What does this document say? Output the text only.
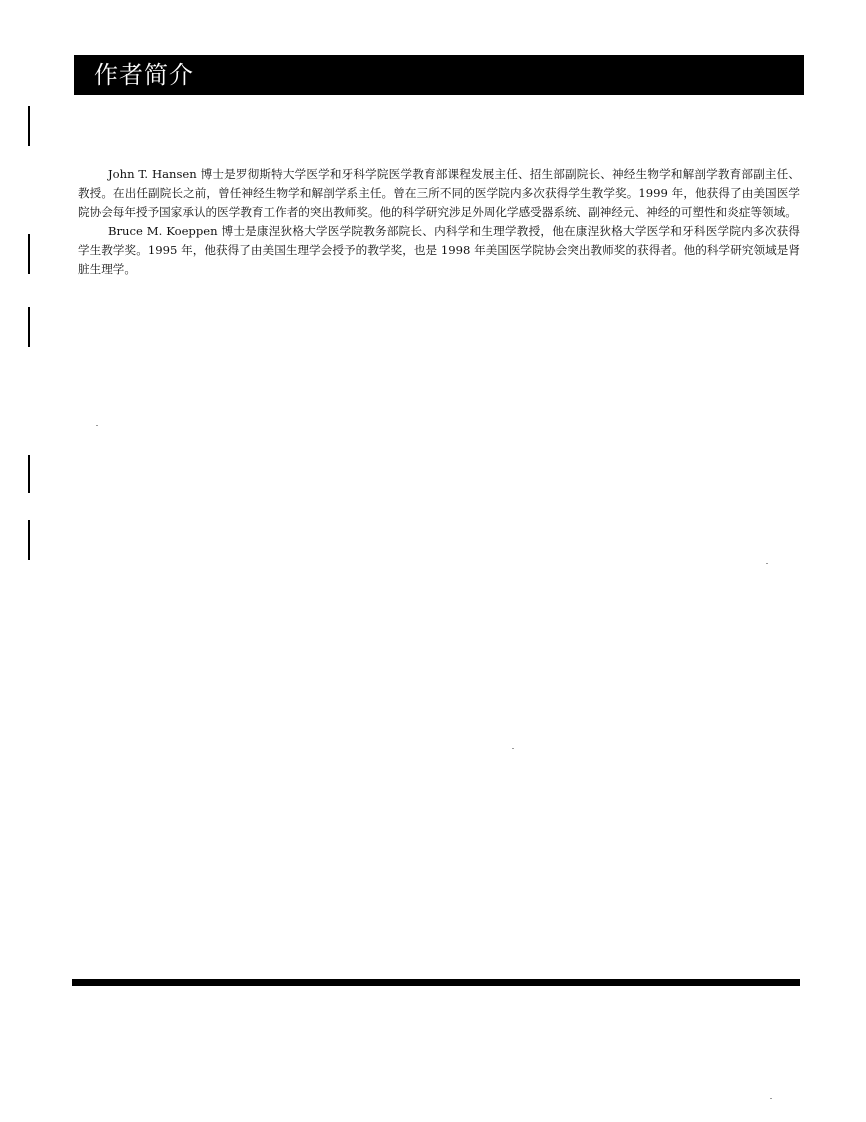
作者简介

John T. Hansen 博士是罗彻斯特大学医学和牙科学院医学教育部课程发展主任、招生部副院长、神经生物学和解剖学教育部副主任、教授。在出任副院长之前，曾任神经生物学和解剖学系主任。曾在三所不同的医学院内多次获得学生教学奖。1999 年，他获得了由美国医学院协会每年授予国家承认的医学教育工作者的突出教师奖。他的科学研究涉足外周化学感受器系统、副神经元、神经的可塑性和炎症等领域。

Bruce M. Koeppen 博士是康涅狄格大学医学院教务部院长、内科学和生理学教授，他在康涅狄格大学医学和牙科医学院内多次获得学生教学奖。1995 年，他获得了由美国生理学会授予的教学奖，也是 1998 年美国医学院协会突出教师奖的获得者。他的科学研究领域是肾脏生理学。
